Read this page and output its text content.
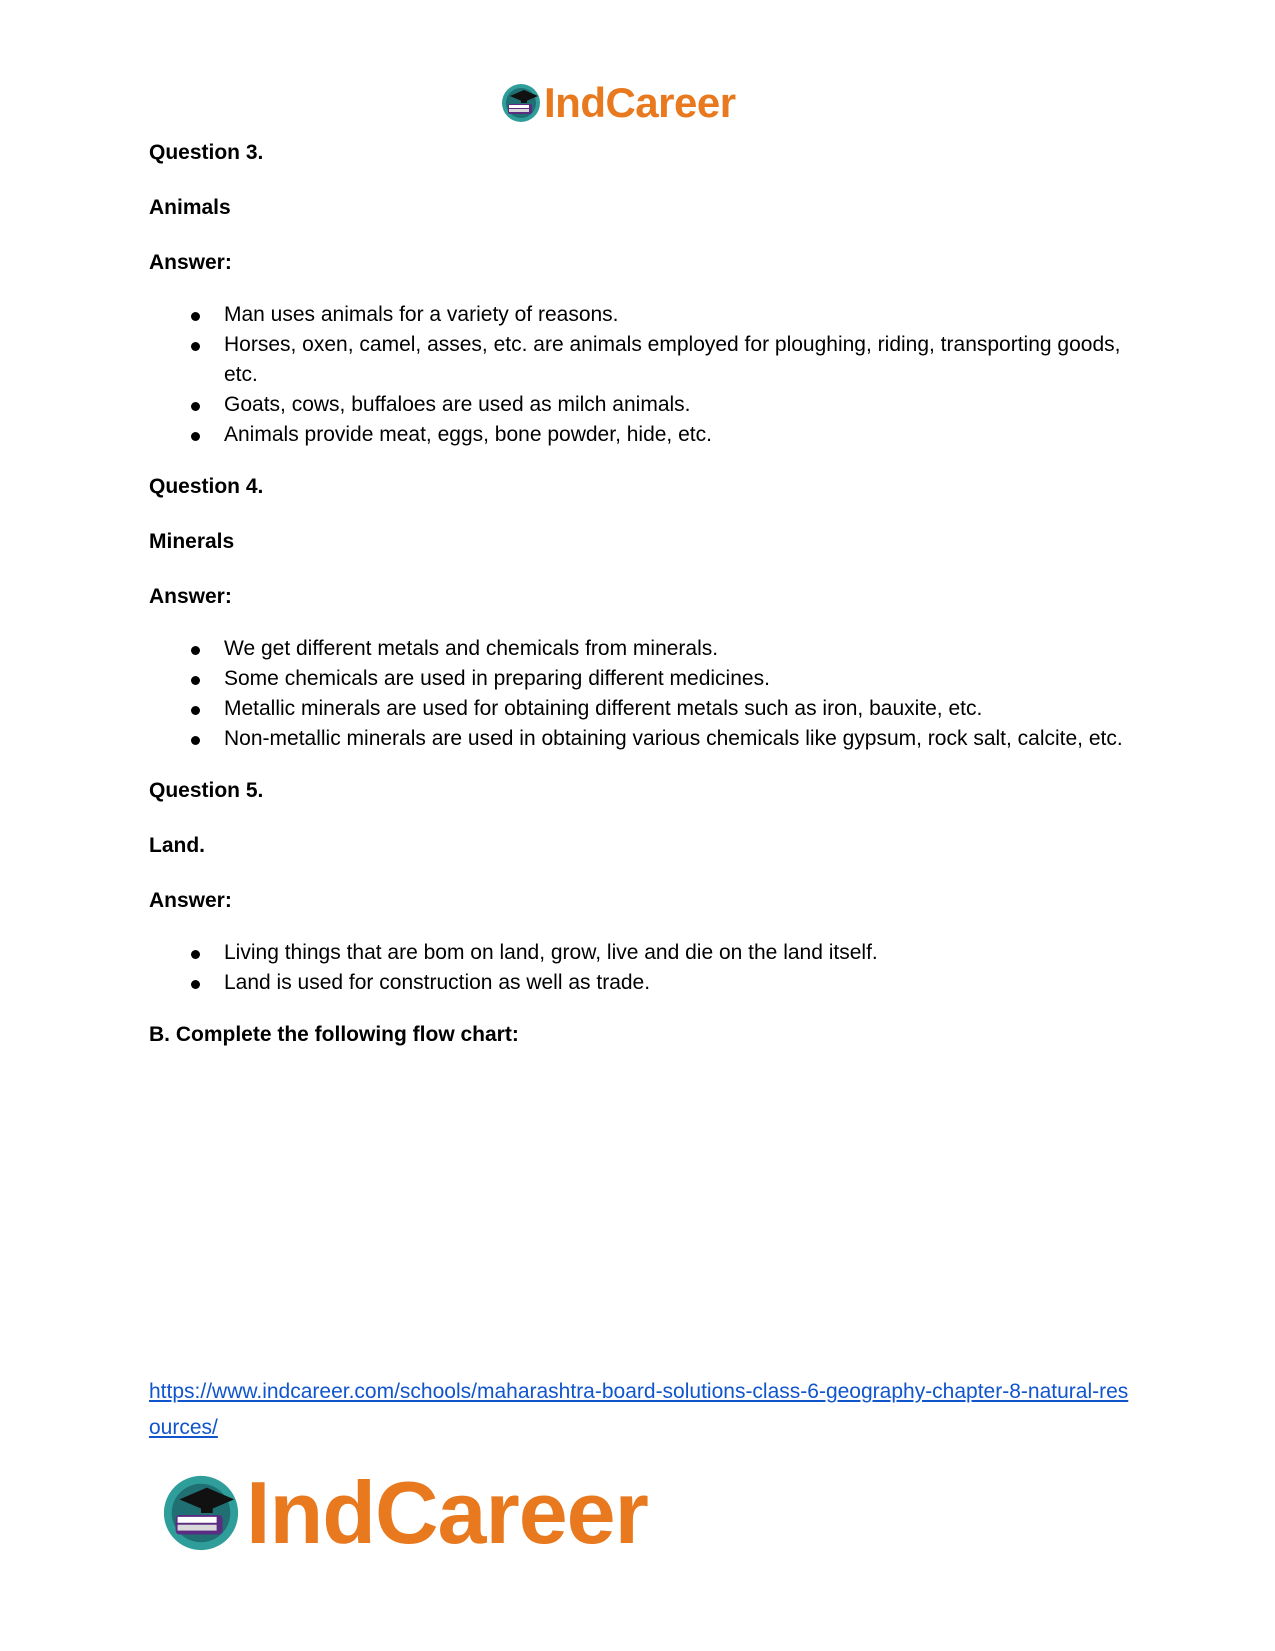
IndCareer

Question 3.

Animals

Answer:

Man uses animals for a variety of reasons.
Horses, oxen, camel, asses, etc. are animals employed for ploughing, riding, transporting goods, etc.
Goats, cows, buffaloes are used as milch animals.
Animals provide meat, eggs, bone powder, hide, etc.

Question 4.

Minerals

Answer:

We get different metals and chemicals from minerals.
Some chemicals are used in preparing different medicines.
Metallic minerals are used for obtaining different metals such as iron, bauxite, etc.
Non-metallic minerals are used in obtaining various chemicals like gypsum, rock salt, calcite, etc.

Question 5.

Land.

Answer:

Living things that are bom on land, grow, live and die on the land itself.
Land is used for construction as well as trade.

B. Complete the following flow chart:

https://www.indcareer.com/schools/maharashtra-board-solutions-class-6-geography-chapter-8-natural-resources/
IndCareer
